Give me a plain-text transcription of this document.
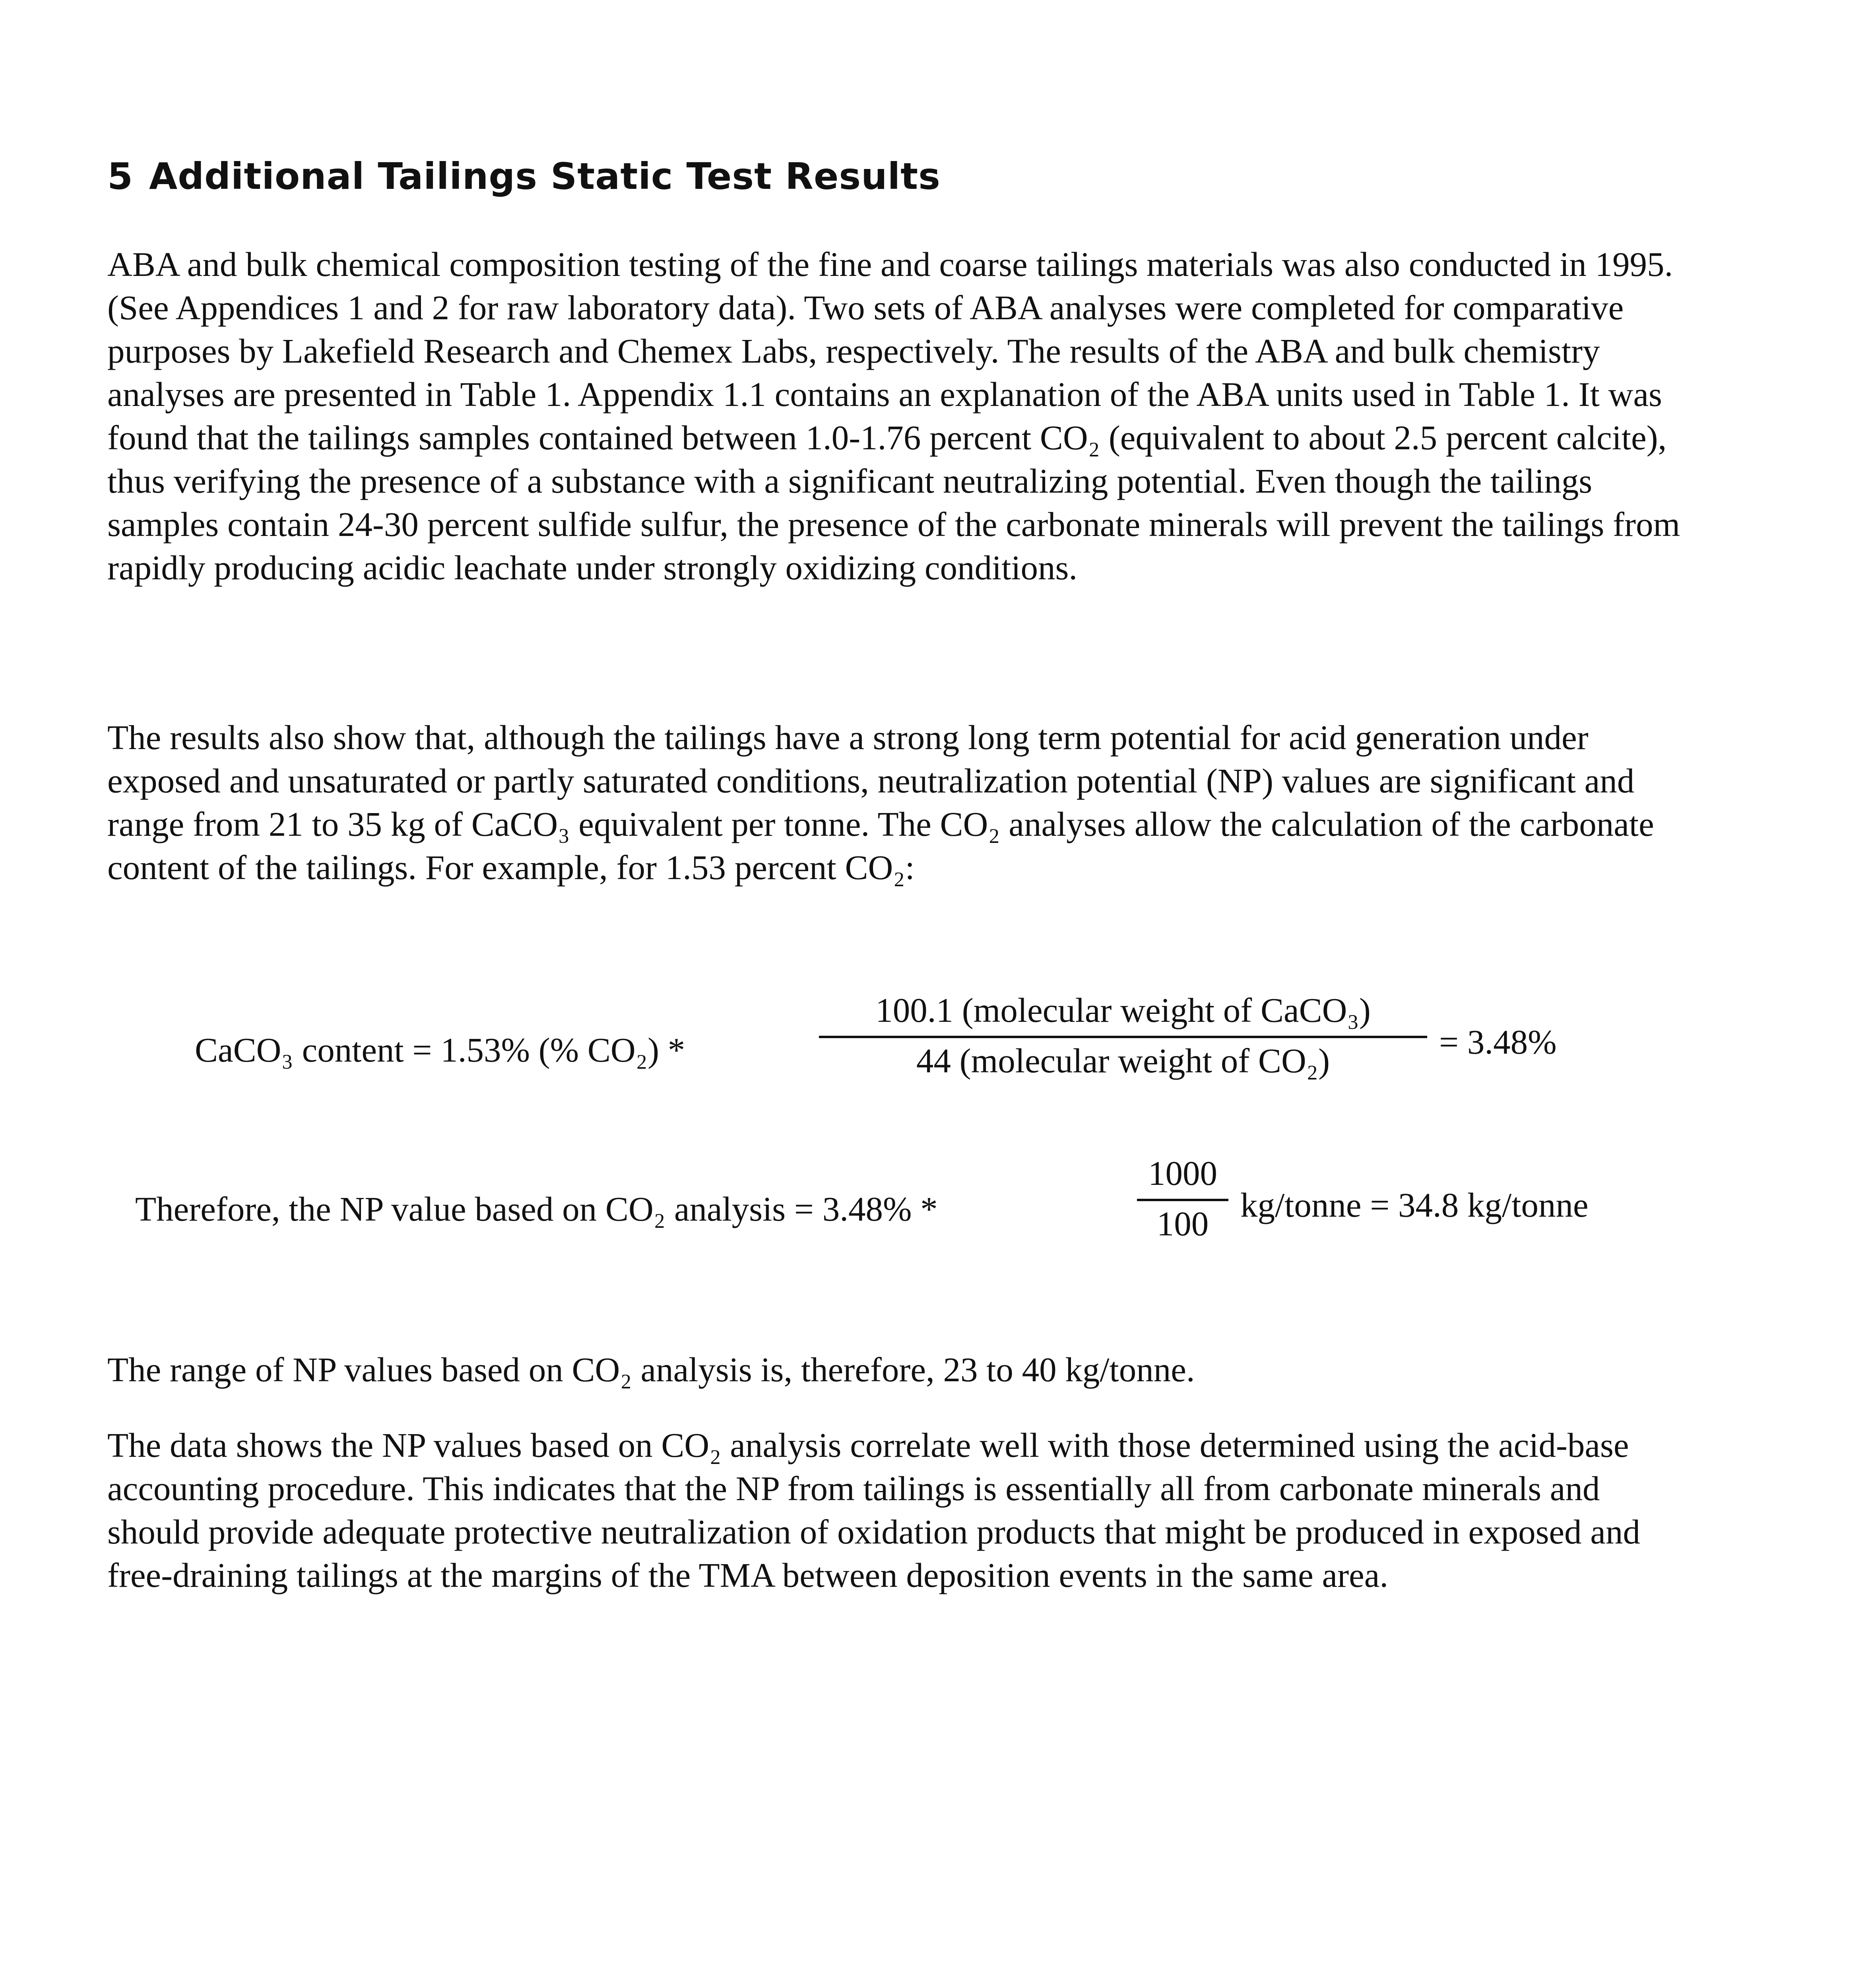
5 Additional Tailings Static Test Results
ABA and bulk chemical composition testing of the fine and coarse tailings materials was also conducted in 1995. (See Appendices 1 and 2 for raw laboratory data). Two sets of ABA analyses were completed for comparative purposes by Lakefield Research and Chemex Labs, respectively. The results of the ABA and bulk chemistry analyses are presented in Table 1. Appendix 1.1 contains an explanation of the ABA units used in Table 1. It was found that the tailings samples contained between 1.0-1.76 percent CO₂ (equivalent to about 2.5 percent calcite), thus verifying the presence of a substance with a significant neutralizing potential. Even though the tailings samples contain 24-30 percent sulfide sulfur, the presence of the carbonate minerals will prevent the tailings from rapidly producing acidic leachate under strongly oxidizing conditions.
The results also show that, although the tailings have a strong long term potential for acid generation under exposed and unsaturated or partly saturated conditions, neutralization potential (NP) values are significant and range from 21 to 35 kg of CaCO₃ equivalent per tonne. The CO₂ analyses allow the calculation of the carbonate content of the tailings. For example, for 1.53 percent CO₂:
CaCO₃ content = 1.53% (% CO₂) *
100.1 (molecular weight of CaCO₃)
44 (molecular weight of CO₂)	= 3.48%
Therefore, the NP value based on CO₂ analysis = 3.48% *
1000
100 kg/tonne = 34.8 kg/tonne
The range of NP values based on CO₂ analysis is, therefore, 23 to 40 kg/tonne.
The data shows the NP values based on CO₂ analysis correlate well with those determined using the acid-base accounting procedure. This indicates that the NP from tailings is essentially all from carbonate minerals and should provide adequate protective neutralization of oxidation products that might be produced in exposed and free-draining tailings at the margins of the TMA between deposition events in the same area.
